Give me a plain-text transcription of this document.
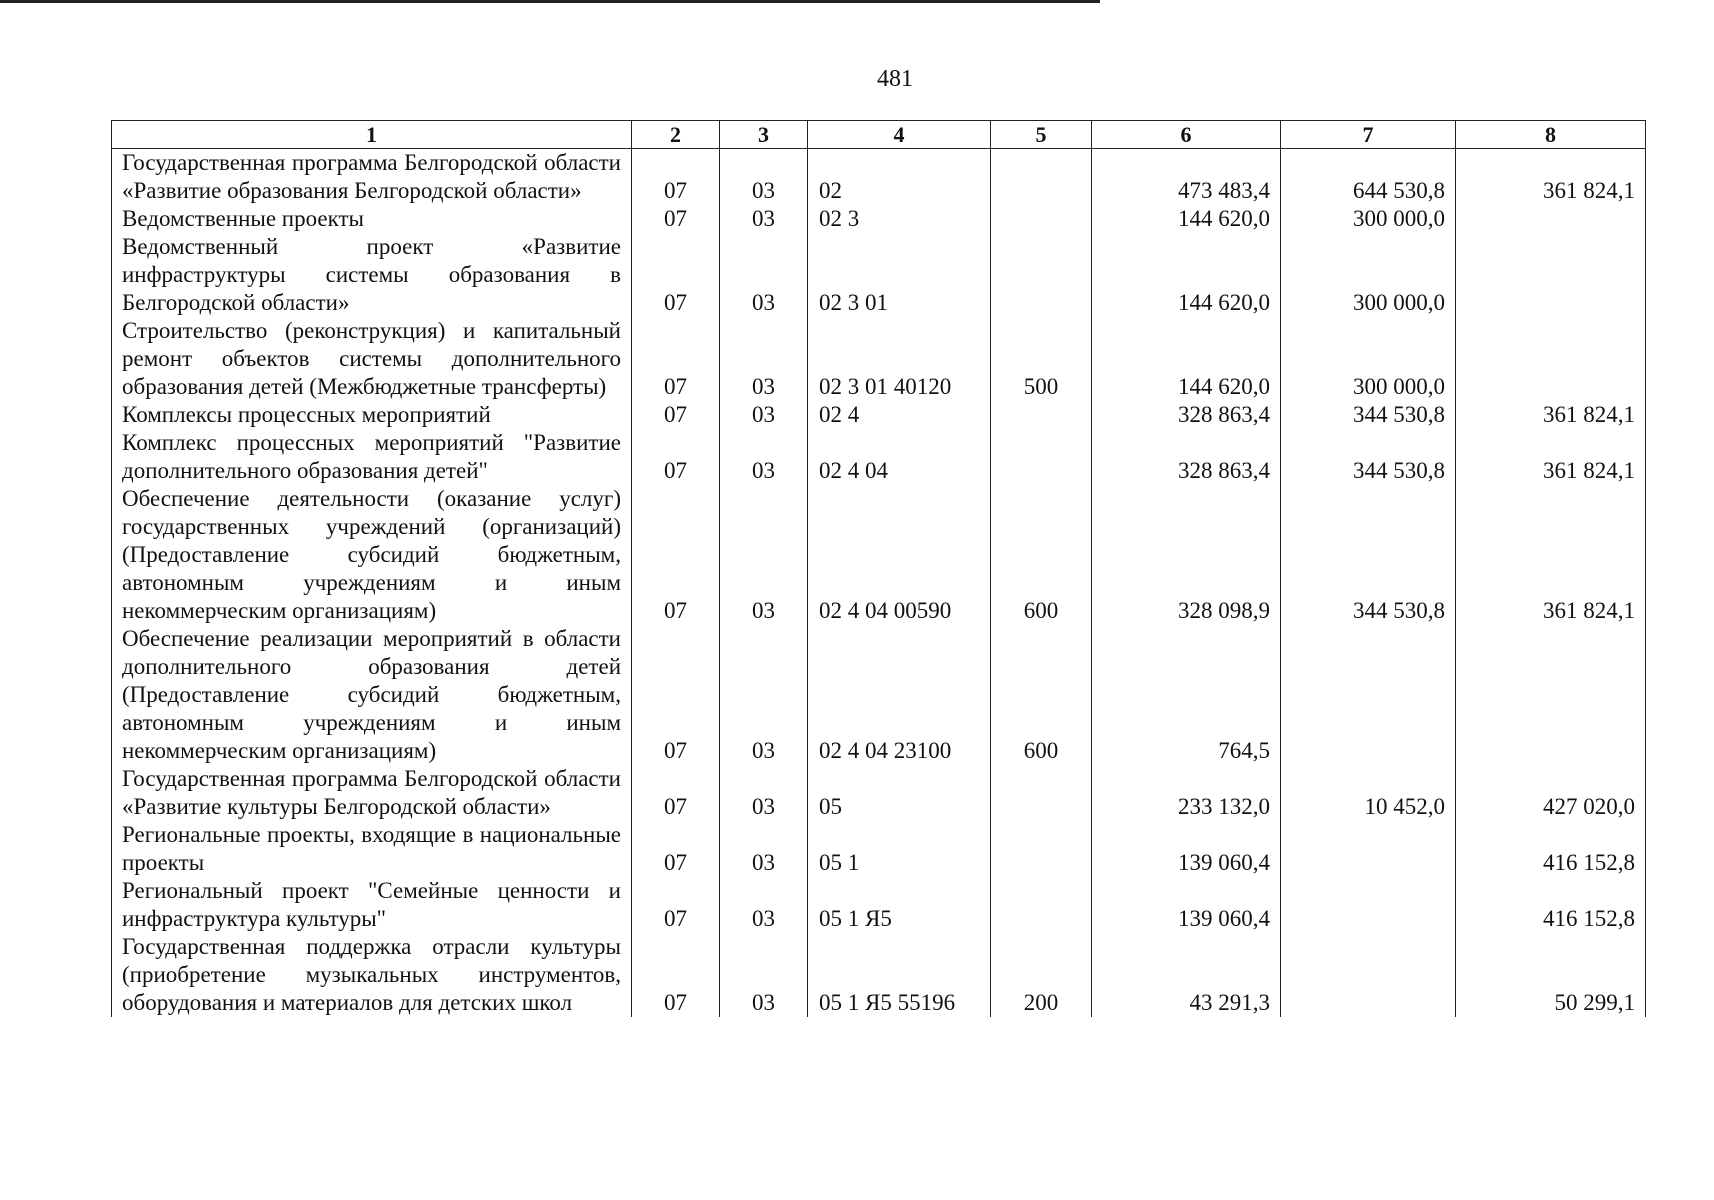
481
1	2	3	4	5	6	7	8
Государственная программа Белгородской области «Развитие образования Белгородской области»	07	03	02		473 483,4	644 530,8	361 824,1
Ведомственные проекты	07	03	02 3		144 620,0	300 000,0	
Ведомственный проект «Развитие инфраструктуры системы образования в Белгородской области»	07	03	02 3 01		144 620,0	300 000,0	
Строительство (реконструкция) и капитальный ремонт объектов системы дополнительного образования детей (Межбюджетные трансферты)	07	03	02 3 01 40120	500	144 620,0	300 000,0	
Комплексы процессных мероприятий	07	03	02 4		328 863,4	344 530,8	361 824,1
Комплекс процессных мероприятий "Развитие дополнительного образования детей"	07	03	02 4 04		328 863,4	344 530,8	361 824,1
Обеспечение деятельности (оказание услуг) государственных учреждений (организаций) (Предоставление субсидий бюджетным, автономным учреждениям и иным некоммерческим организациям)	07	03	02 4 04 00590	600	328 098,9	344 530,8	361 824,1
Обеспечение реализации мероприятий в области дополнительного образования детей (Предоставление субсидий бюджетным, автономным учреждениям и иным некоммерческим организациям)	07	03	02 4 04 23100	600	764,5		
Государственная программа Белгородской области «Развитие культуры Белгородской области»	07	03	05		233 132,0	10 452,0	427 020,0
Региональные проекты, входящие в национальные проекты	07	03	05 1		139 060,4		416 152,8
Региональный проект "Семейные ценности и инфраструктура культуры"	07	03	05 1 Я5		139 060,4		416 152,8
Государственная поддержка отрасли культуры (приобретение музыкальных инструментов, оборудования и материалов для детских школ	07	03	05 1 Я5 55196	200	43 291,3		50 299,1
